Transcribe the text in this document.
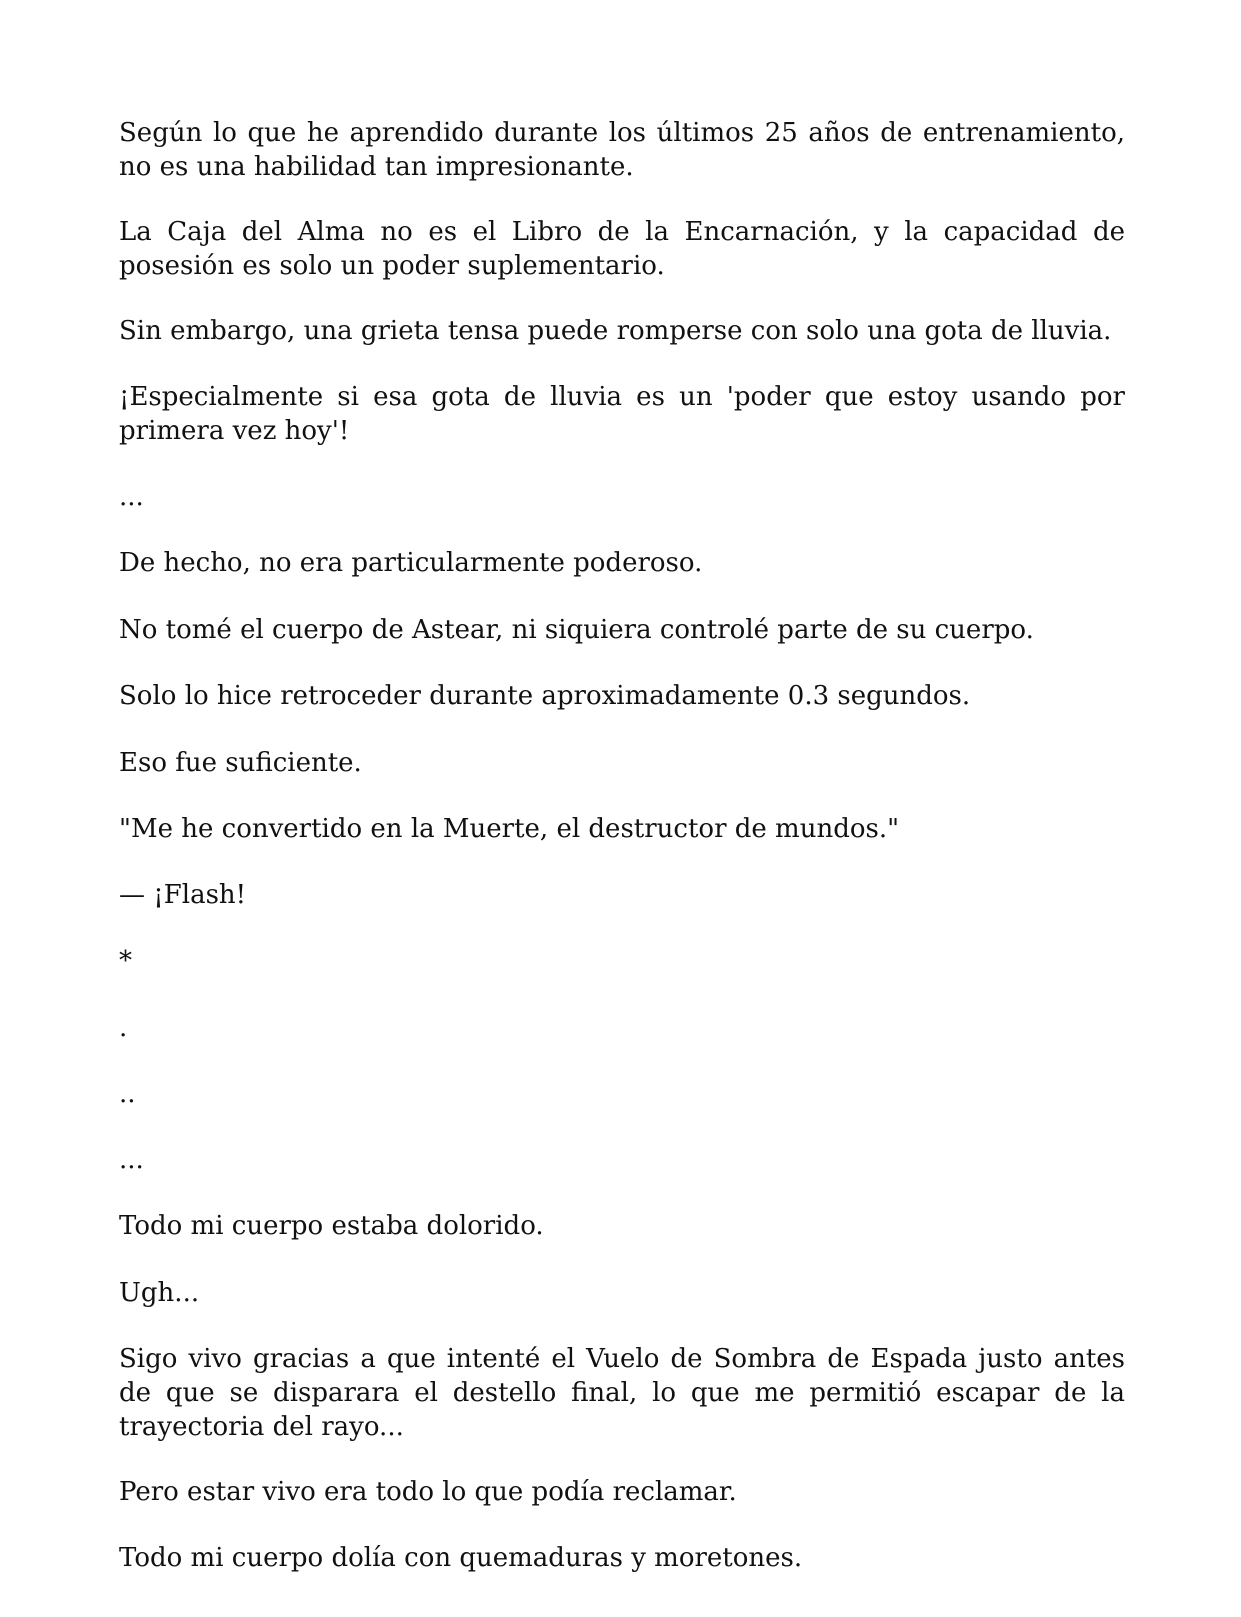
Según lo que he aprendido durante los últimos 25 años de entrenamiento, no es una habilidad tan impresionante.

La Caja del Alma no es el Libro de la Encarnación, y la capacidad de posesión es solo un poder suplementario.

Sin embargo, una grieta tensa puede romperse con solo una gota de lluvia.

¡Especialmente si esa gota de lluvia es un 'poder que estoy usando por primera vez hoy'!

...

De hecho, no era particularmente poderoso.

No tomé el cuerpo de Astear, ni siquiera controlé parte de su cuerpo.

Solo lo hice retroceder durante aproximadamente 0.3 segundos.

Eso fue suficiente.

"Me he convertido en la Muerte, el destructor de mundos."

— ¡Flash!

*

.

..

...

Todo mi cuerpo estaba dolorido.

Ugh...

Sigo vivo gracias a que intenté el Vuelo de Sombra de Espada justo antes de que se disparara el destello final, lo que me permitió escapar de la trayectoria del rayo...

Pero estar vivo era todo lo que podía reclamar.

Todo mi cuerpo dolía con quemaduras y moretones.
